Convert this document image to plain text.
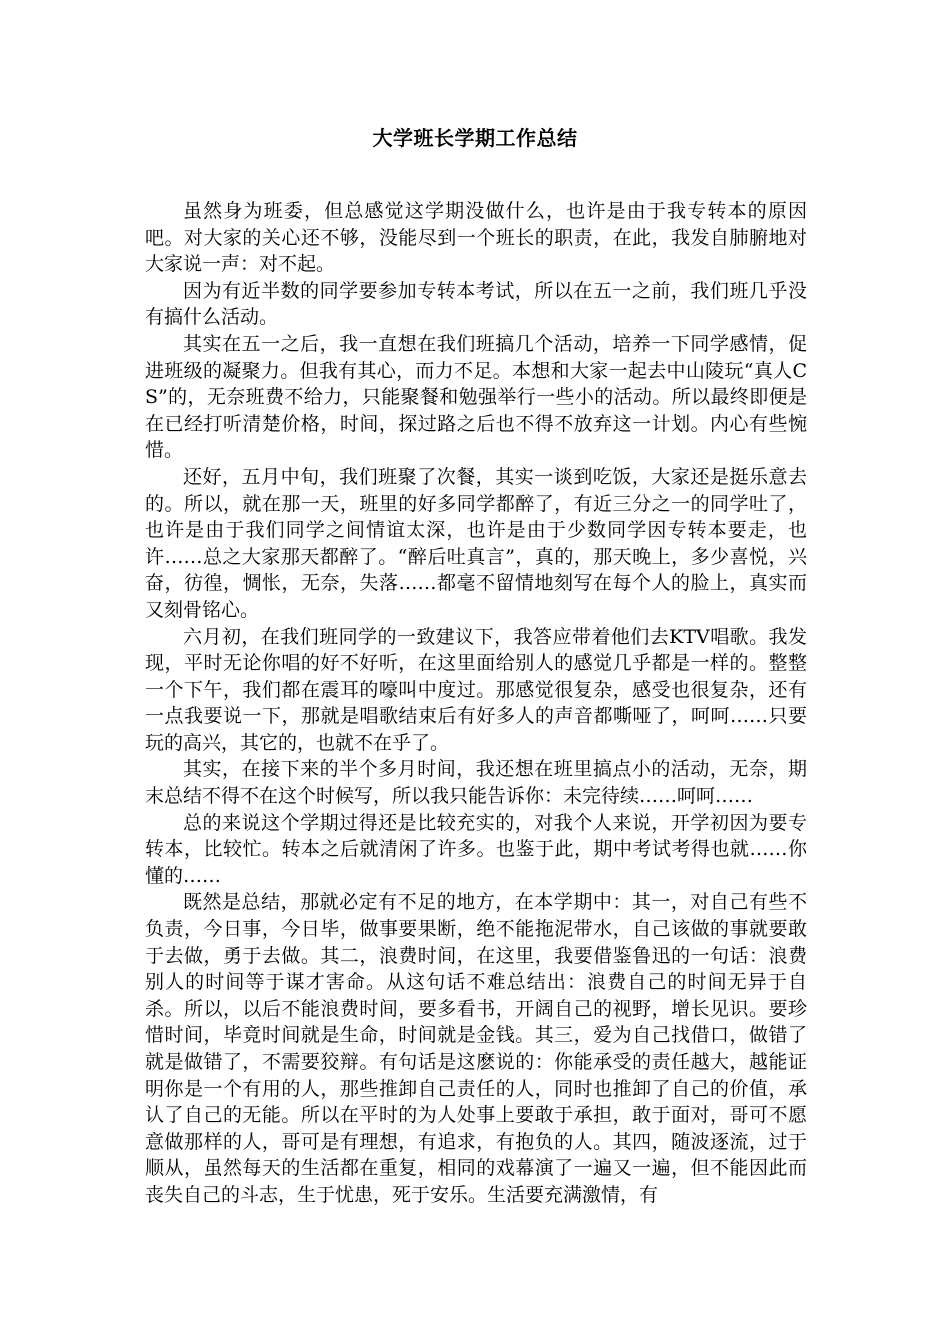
大学班长学期工作总结

虽然身为班委，但总感觉这学期没做什么，也许是由于我专转本的原因吧。对大家的关心还不够，没能尽到一个班长的职责，在此，我发自肺腑地对大家说一声：对不起。

因为有近半数的同学要参加专转本考试，所以在五一之前，我们班几乎没有搞什么活动。

其实在五一之后，我一直想在我们班搞几个活动，培养一下同学感情，促进班级的凝聚力。但我有其心，而力不足。本想和大家一起去中山陵玩“真人CS”的，无奈班费不给力，只能聚餐和勉强举行一些小的活动。所以最终即便是在已经打听清楚价格，时间，探过路之后也不得不放弃这一计划。内心有些惋惜。

还好，五月中旬，我们班聚了次餐，其实一谈到吃饭，大家还是挺乐意去的。所以，就在那一天，班里的好多同学都醉了，有近三分之一的同学吐了，也许是由于我们同学之间情谊太深，也许是由于少数同学因专转本要走，也许……总之大家那天都醉了。“醉后吐真言”，真的，那天晚上，多少喜悦，兴奋，彷徨，惆怅，无奈，失落……都毫不留情地刻写在每个人的脸上，真实而又刻骨铭心。

六月初，在我们班同学的一致建议下，我答应带着他们去KTV唱歌。我发现，平时无论你唱的好不好听，在这里面给别人的感觉几乎都是一样的。整整一个下午，我们都在震耳的嚎叫中度过。那感觉很复杂，感受也很复杂，还有一点我要说一下，那就是唱歌结束后有好多人的声音都嘶哑了，呵呵……只要玩的高兴，其它的，也就不在乎了。

其实，在接下来的半个多月时间，我还想在班里搞点小的活动，无奈，期末总结不得不在这个时候写，所以我只能告诉你：未完待续……呵呵……

总的来说这个学期过得还是比较充实的，对我个人来说，开学初因为要专转本，比较忙。转本之后就清闲了许多。也鉴于此，期中考试考得也就……你懂的……

既然是总结，那就必定有不足的地方，在本学期中：其一，对自己有些不负责，今日事，今日毕，做事要果断，绝不能拖泥带水，自己该做的事就要敢于去做，勇于去做。其二，浪费时间，在这里，我要借鉴鲁迅的一句话：浪费别人的时间等于谋才害命。从这句话不难总结出：浪费自己的时间无异于自杀。所以，以后不能浪费时间，要多看书，开阔自己的视野，增长见识。要珍惜时间，毕竟时间就是生命，时间就是金钱。其三，爱为自己找借口，做错了就是做错了，不需要狡辩。有句话是这麽说的：你能承受的责任越大，越能证明你是一个有用的人，那些推卸自己责任的人，同时也推卸了自己的价值，承认了自己的无能。所以在平时的为人处事上要敢于承担，敢于面对，哥可不愿意做那样的人，哥可是有理想，有追求，有抱负的人。其四，随波逐流，过于顺从，虽然每天的生活都在重复，相同的戏幕演了一遍又一遍，但不能因此而丧失自己的斗志，生于忧患，死于安乐。生活要充满激情，有
